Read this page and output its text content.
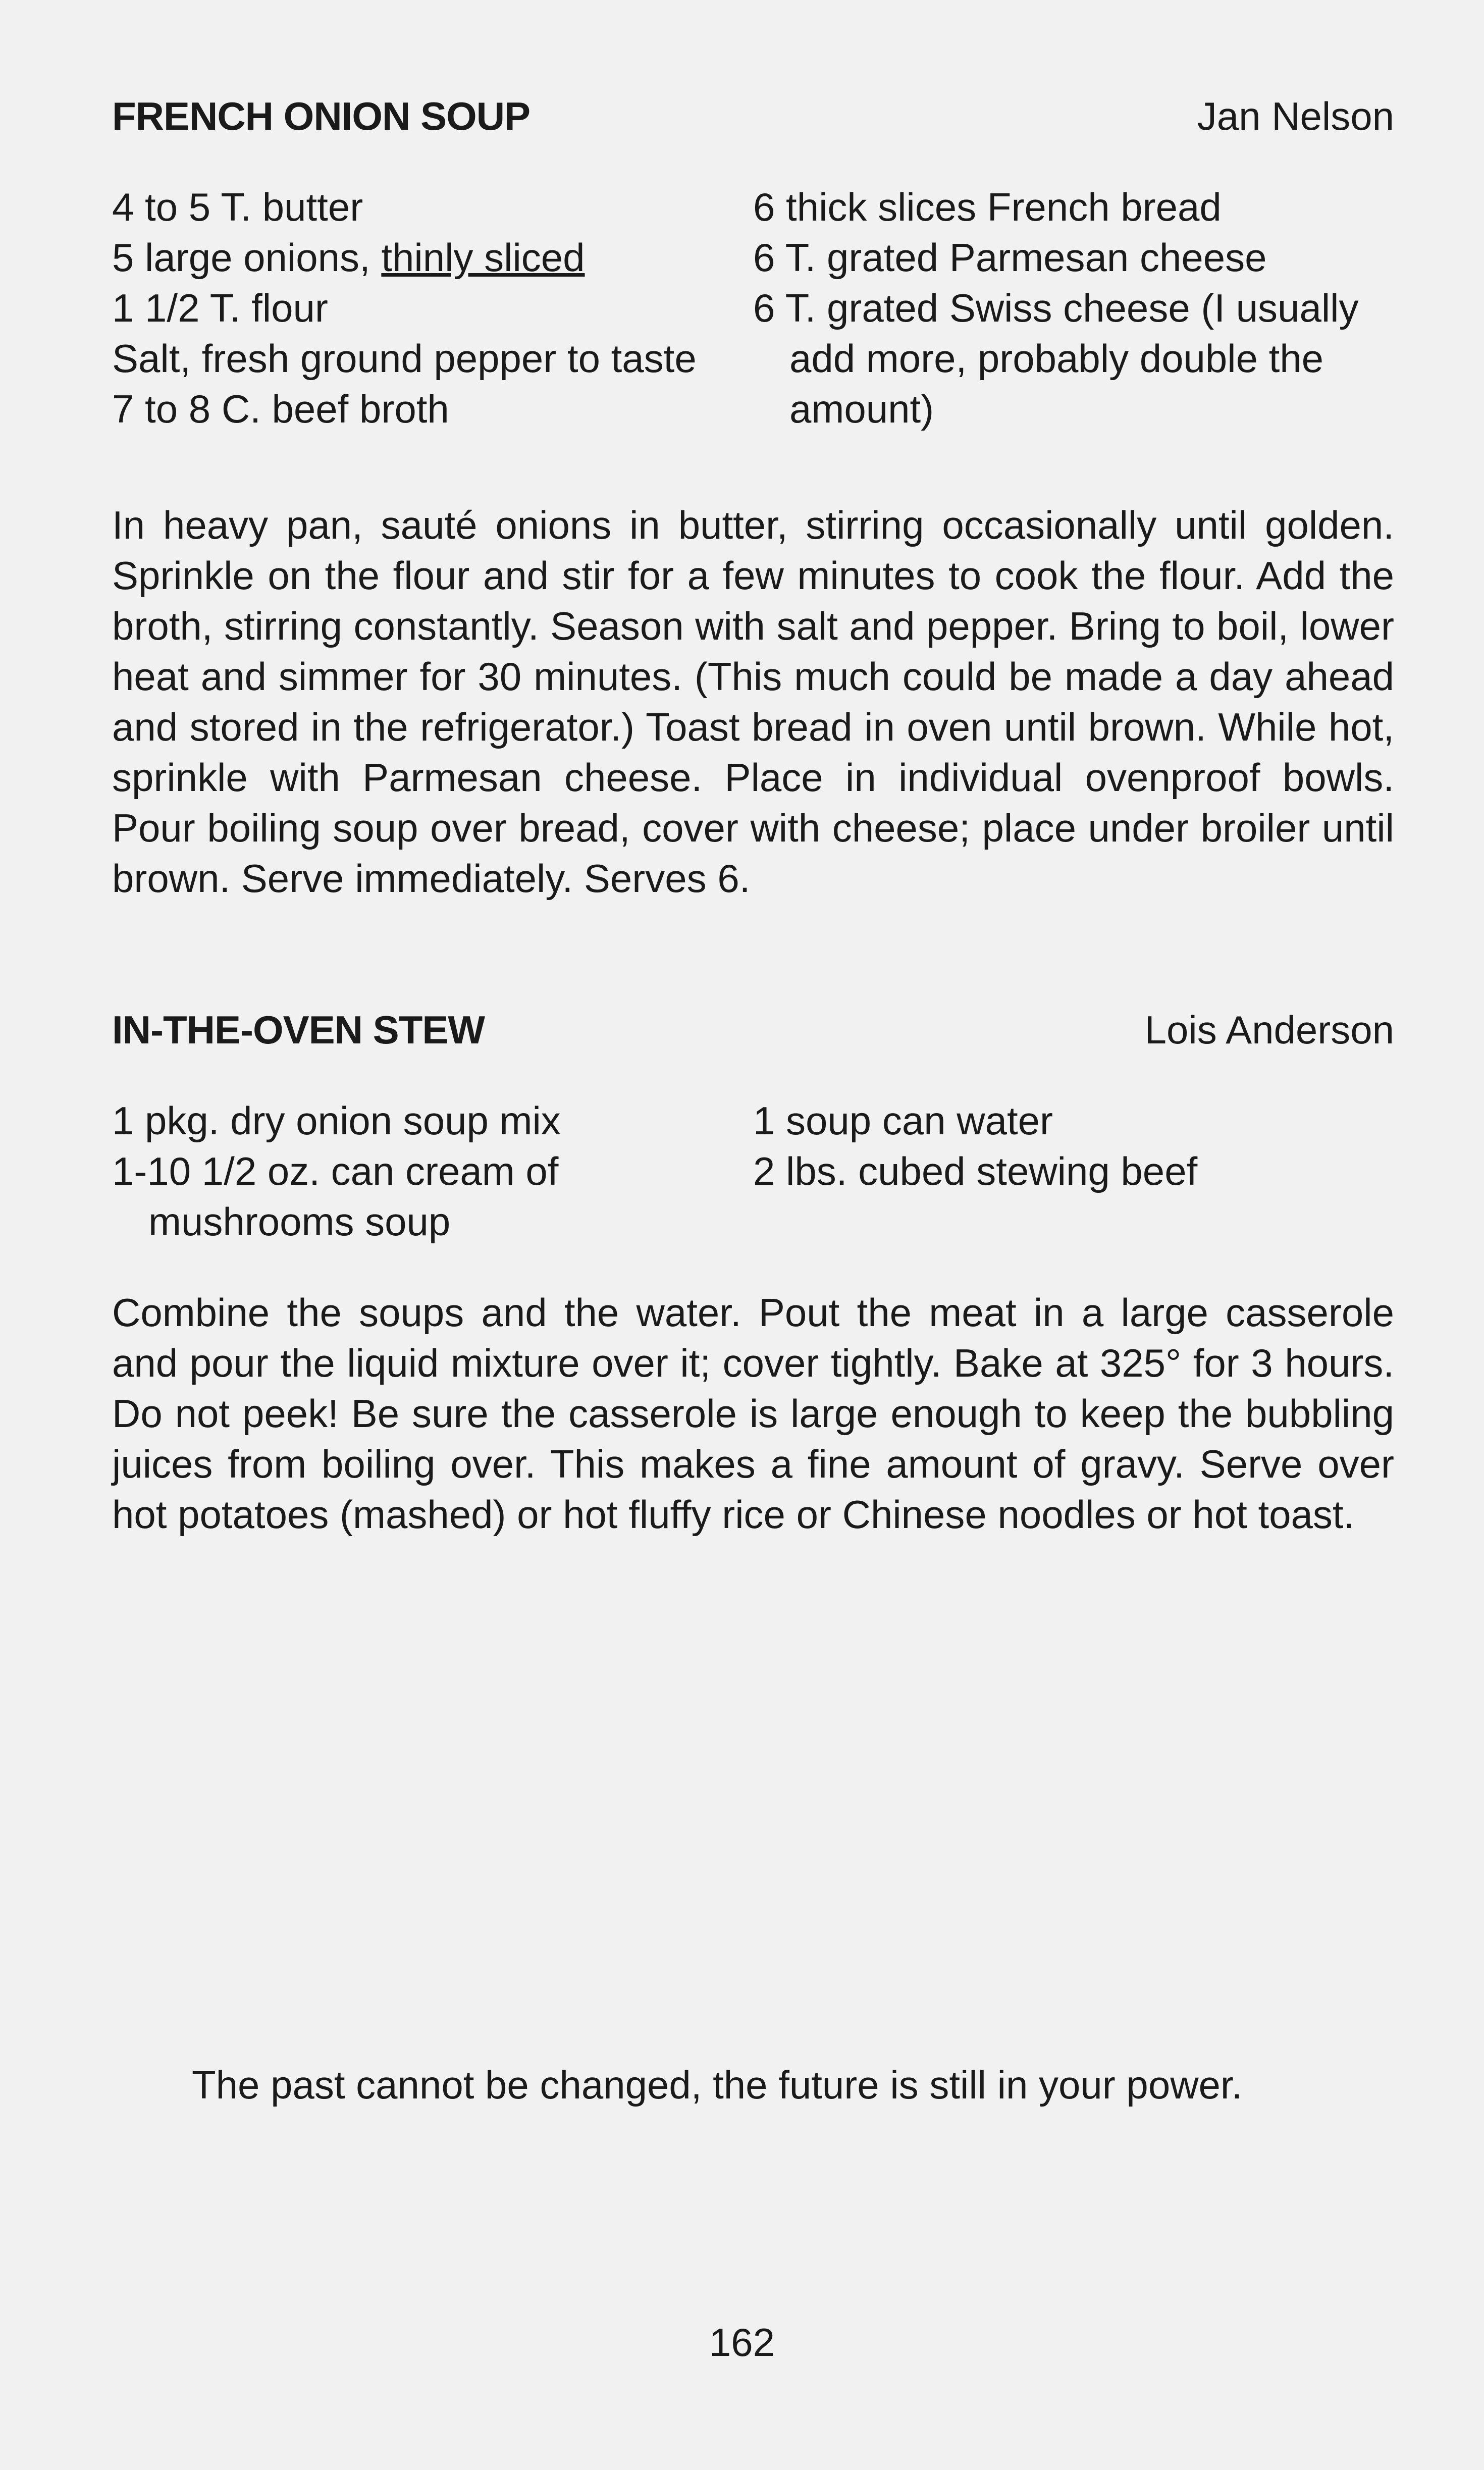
FRENCH ONION SOUP	Jan Nelson

4 to 5 T. butter

5 large onions, thinly sliced

1 1/2 T. flour

Salt, fresh ground pepper to taste

7 to 8 C. beef broth

6 thick slices French bread

6 T. grated Parmesan cheese

6 T. grated Swiss cheese (I usually add more, probably double the amount)

In heavy pan, sauté onions in butter, stirring occasionally until golden. Sprinkle on the flour and stir for a few minutes to cook the flour. Add the broth, stirring constantly. Season with salt and pepper. Bring to boil, lower heat and simmer for 30 minutes. (This much could be made a day ahead and stored in the refrigerator.) Toast bread in oven until brown. While hot, sprinkle with Parmesan cheese. Place in individual ovenproof bowls. Pour boiling soup over bread, cover with cheese; place under broiler until brown. Serve immediately. Serves 6.

IN-THE-OVEN STEW	Lois Anderson

1 pkg. dry onion soup mix

1-10 1/2 oz. can cream of mushrooms soup

1 soup can water

2 lbs. cubed stewing beef

Combine the soups and the water. Pout the meat in a large casserole and pour the liquid mixture over it; cover tightly. Bake at 325° for 3 hours. Do not peek! Be sure the casserole is large enough to keep the bubbling juices from boiling over. This makes a fine amount of gravy. Serve over hot potatoes (mashed) or hot fluffy rice or Chinese noodles or hot toast.

The past cannot be changed, the future is still in your power.
162
